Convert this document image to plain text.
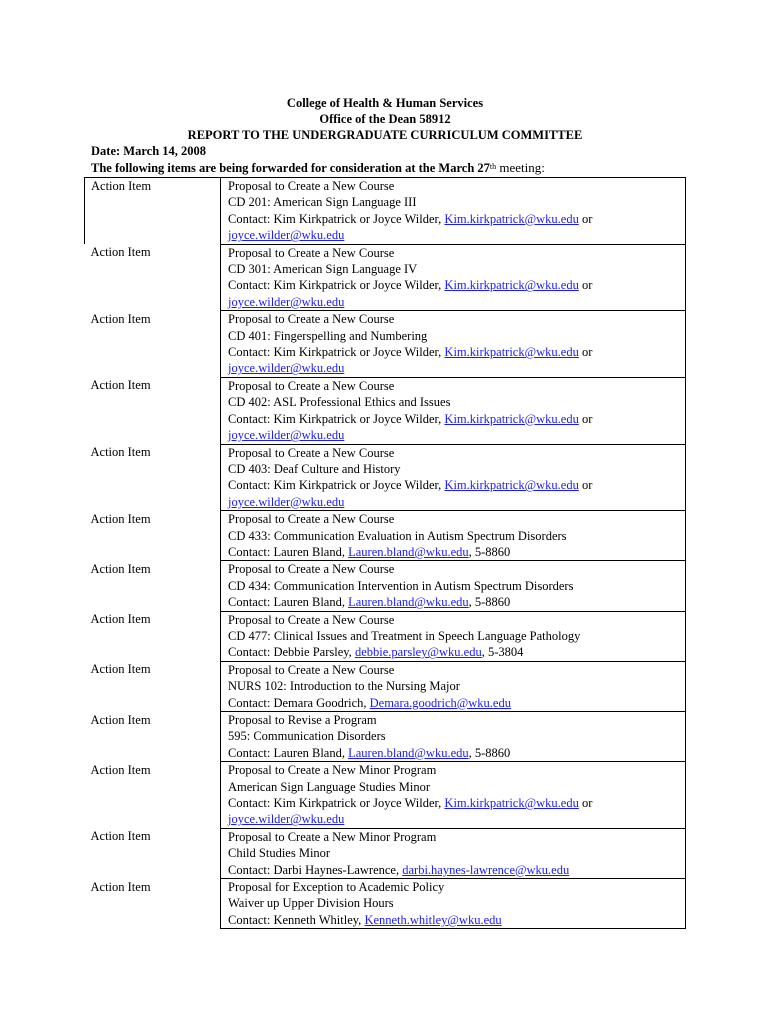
College of Health & Human Services
Office of the Dean 58912
REPORT TO THE UNDERGRADUATE CURRICULUM COMMITTEE
Date: March 14, 2008
The following items are being forwarded for consideration at the March 27th meeting:
Action Item	Proposal to Create a New Course
CD 201: American Sign Language III
Contact: Kim Kirkpatrick or Joyce Wilder, Kim.kirkpatrick@wku.edu or
joyce.wilder@wku.edu

Action Item	Proposal to Create a New Course
CD 301: American Sign Language IV
Contact: Kim Kirkpatrick or Joyce Wilder, Kim.kirkpatrick@wku.edu or
joyce.wilder@wku.edu

Action Item	Proposal to Create a New Course
CD 401: Fingerspelling and Numbering
Contact: Kim Kirkpatrick or Joyce Wilder, Kim.kirkpatrick@wku.edu or
joyce.wilder@wku.edu

Action Item	Proposal to Create a New Course
CD 402: ASL Professional Ethics and Issues
Contact: Kim Kirkpatrick or Joyce Wilder, Kim.kirkpatrick@wku.edu or
joyce.wilder@wku.edu

Action Item	Proposal to Create a New Course
CD 403: Deaf Culture and History
Contact: Kim Kirkpatrick or Joyce Wilder, Kim.kirkpatrick@wku.edu or
joyce.wilder@wku.edu

Action Item	Proposal to Create a New Course
CD 433: Communication Evaluation in Autism Spectrum Disorders
Contact: Lauren Bland, Lauren.bland@wku.edu, 5-8860

Action Item	Proposal to Create a New Course
CD 434: Communication Intervention in Autism Spectrum Disorders
Contact: Lauren Bland, Lauren.bland@wku.edu, 5-8860

Action Item	Proposal to Create a New Course
CD 477: Clinical Issues and Treatment in Speech Language Pathology
Contact: Debbie Parsley, debbie.parsley@wku.edu, 5-3804

Action Item	Proposal to Create a New Course
NURS 102: Introduction to the Nursing Major
Contact: Demara Goodrich, Demara.goodrich@wku.edu

Action Item	Proposal to Revise a Program
595: Communication Disorders
Contact: Lauren Bland, Lauren.bland@wku.edu, 5-8860

Action Item	Proposal to Create a New Minor Program
American Sign Language Studies Minor
Contact: Kim Kirkpatrick or Joyce Wilder, Kim.kirkpatrick@wku.edu or
joyce.wilder@wku.edu

Action Item	Proposal to Create a New Minor Program
Child Studies Minor
Contact: Darbi Haynes-Lawrence, darbi.haynes-lawrence@wku.edu

Action Item	Proposal for Exception to Academic Policy
Waiver up Upper Division Hours
Contact: Kenneth Whitley, Kenneth.whitley@wku.edu
